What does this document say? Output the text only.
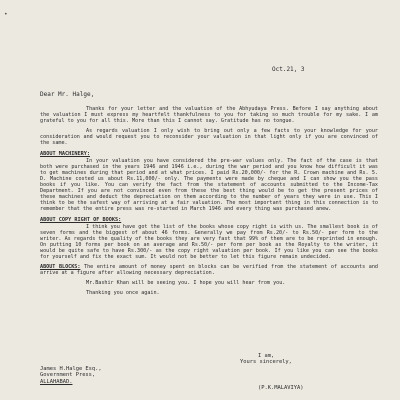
•
Oct.21, 3
Dear Mr. Halge,

Thanks for your letter and the valuation of the Abhyudaya Press. Before I say anything about the valuation I must express my heartfelt thankfulness to you for taking so much trouble for my sake. I am grateful to you for all this. More than this I cannot say. Gratitude has no tongue.

As regards valuation I only wish to bring out only a few facts to your knowledge for your consideration and would request you to reconsider your valuation in that light only if you are convinced of the same.

ABOUT MACHINERY:

In your valuation you have considered the pre-war values only. The fact of the case is that both were purchased in the years 1946 and 1946 i.e., during the war period and you know how difficult it was to get machines during that period and at what prices. I paid Rs.20,000/- for the R. Crown machine and Rs. 5. D. Machine costed us about Rs.11,000/- only. The payments were made by cheque and I can show you the pass books if you like. You can verify the fact from the statement of accounts submitted to the Income-Tax Department. If you are not convinced even from these the best thing would be to get the present prices of these machines and deduct the depreciation on them according to the number of years they were in use. This I think to be the safest way of arriving at a fair valuation. The most important thing in this connection is to remember that the entire press was re-started in March 1946 and every thing was purchased anew.

ABOUT COPY RIGHT OF BOOKS:

I think you have got the list of the books whose copy right is with us. The smallest book is of seven forms and the biggest of about 46 forms. Generally we pay from Rs.20/- to Rs.50/- per form to the writer. As regards the quality of the books they are very fast that 99% of them are to be reprinted in enough. On putting 10 forms per book on an average and Rs.50/- per form per book as the Royalty to the writer, it would be quite safe to have Rs.300/- as the copy right valuation per book. If you like you can see the books for yourself and fix the exact sum. It would not be better to let this figure remain undecided.

ABOUT BLOCKS: The entire amount of money spent on blocks can be verified from the statement of accounts and arrive at a figure after allowing necessary depreciation.

Mr.Bashir Khan will be seeing you. I hope you will hear from you.

Thanking you once again.

I am,
Yours sincerely,
James H.Halge Esq.,
Government Press,
ALLAHABAD.
(P.K.MALAVIYA)
